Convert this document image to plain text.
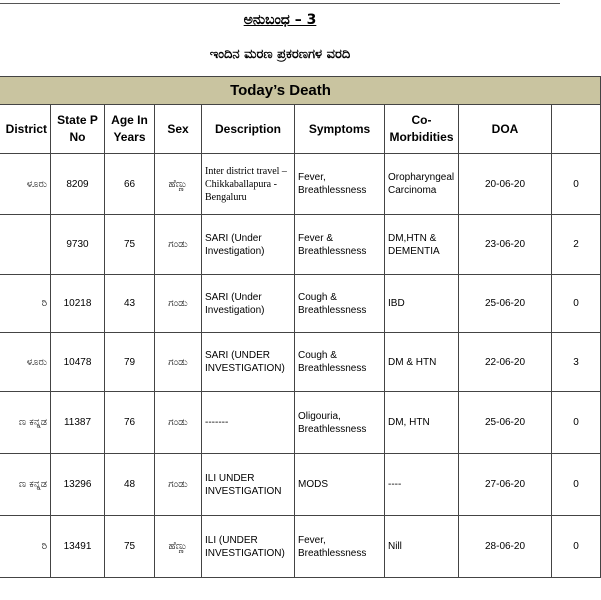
ಅನುಬಂಧ – 3
ಇಂದಿನ ಮರಣ ಪ್ರಕರಣಗಳ ವರದಿ
Today’s Death								
District	State P No	Age In Years	Sex	Description	Symptoms	Co-Morbidities	DOA	
ಳೂರು	8209	66	ಹೆಣ್ಣು	Inter district travel – Chikkaballapura - Bengaluru	Fever, Breathlessness	Oropharyngeal Carcinoma	20-06-20	0
	9730	75	ಗಂಡು	SARI (Under Investigation)	Fever & Breathlessness	DM,HTN & DEMENTIA	23-06-20	2
ರಿ	10218	43	ಗಂಡು	SARI (Under Investigation)	Cough & Breathlessness	IBD	25-06-20	0
ಳೂರು	10478	79	ಗಂಡು	SARI (UNDER INVESTIGATION)	Cough & Breathlessness	DM & HTN	22-06-20	3
ಣ ಕನ್ನಡ	11387	76	ಗಂಡು	-------	Oligouria, Breathlessness	DM, HTN	25-06-20	0
ಣ ಕನ್ನಡ	13296	48	ಗಂಡು	ILI UNDER INVESTIGATION	MODS	----	27-06-20	0
ರಿ	13491	75	ಹೆಣ್ಣು	ILI (UNDER INVESTIGATION)	Fever, Breathlessness	Nill	28-06-20	0
